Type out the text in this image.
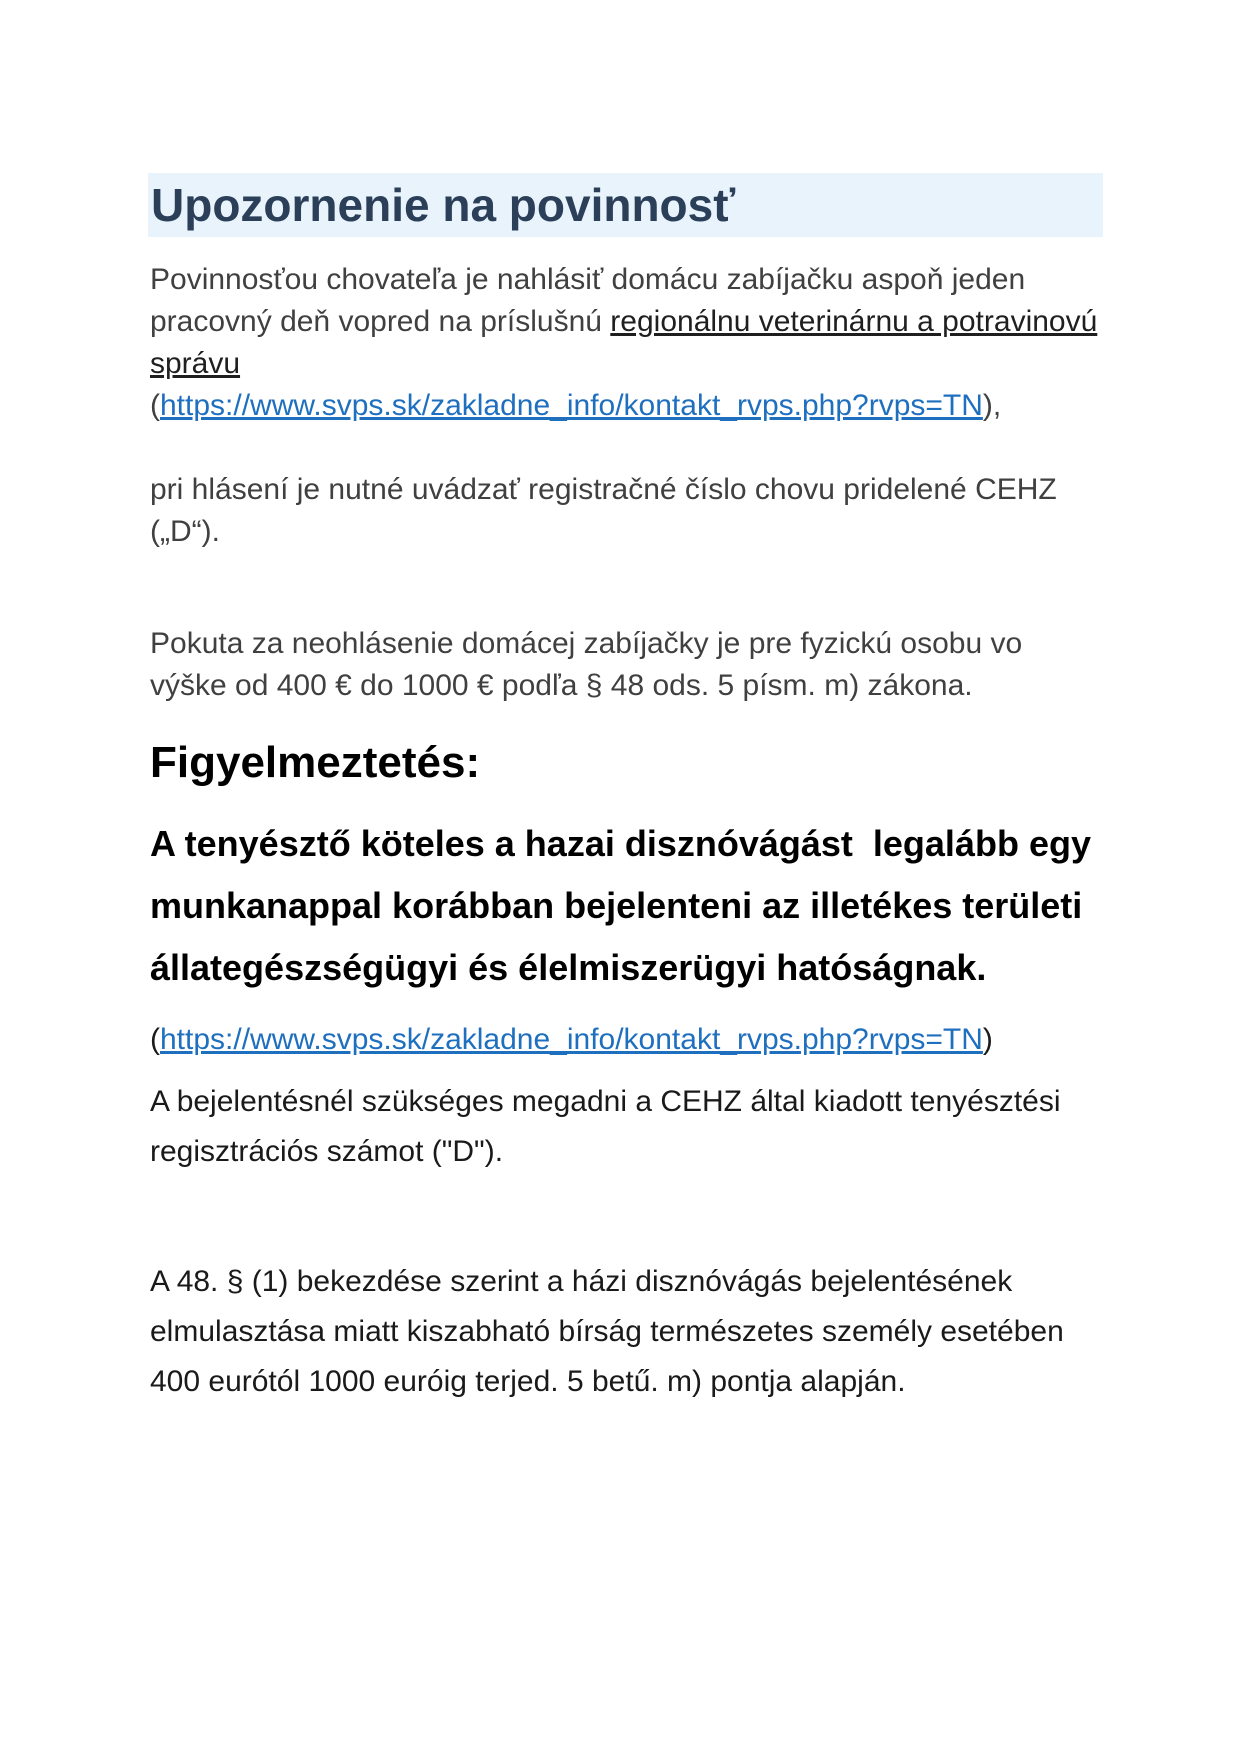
Upozornenie na povinnosť

Povinnosťou chovateľa je nahlásiť domácu zabíjačku aspoň jeden pracovný deň vopred na príslušnú regionálnu veterinárnu a potravinovú správu
(https://www.svps.sk/zakladne_info/kontakt_rvps.php?rvps=TN),

pri hlásení je nutné uvádzať registračné číslo chovu pridelené CEHZ („D“).

Pokuta za neohlásenie domácej zabíjačky je pre fyzickú osobu vo výške od 400 € do 1000 € podľa § 48 ods. 5 písm. m) zákona.

Figyelmeztetés:

A tenyésztő köteles a hazai disznóvágást  legalább egy munkanappal korábban bejelenteni az illetékes területi állategészségügyi és élelmiszerügyi hatóságnak.

(https://www.svps.sk/zakladne_info/kontakt_rvps.php?rvps=TN)

A bejelentésnél szükséges megadni a CEHZ által kiadott tenyésztési regisztrációs számot ("D").

A 48. § (1) bekezdése szerint a házi disznóvágás bejelentésének elmulasztása miatt kiszabható bírság természetes személy esetében 400 eurótól 1000 euróig terjed. 5 betű. m) pontja alapján.
